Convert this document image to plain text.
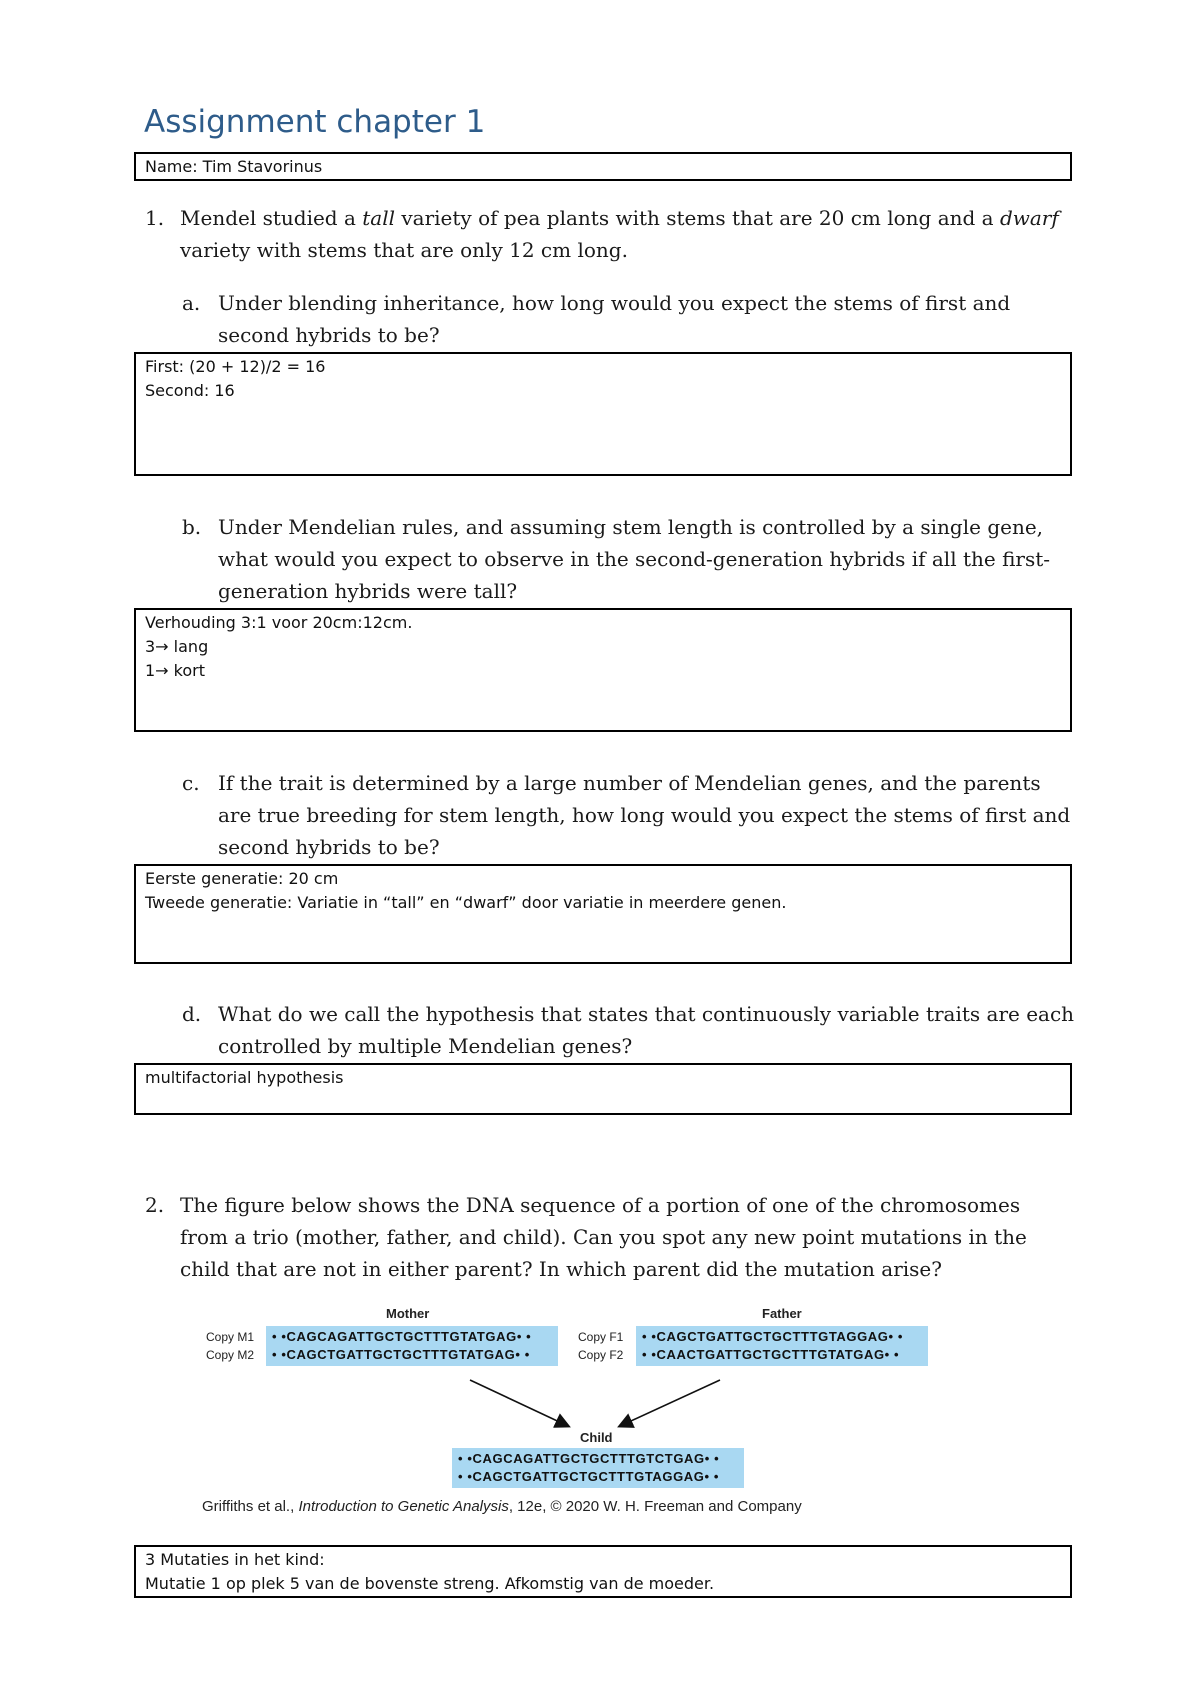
Assignment chapter 1
Name: Tim Stavorinus
1. Mendel studied a tall variety of pea plants with stems that are 20 cm long and a dwarf variety with stems that are only 12 cm long.
a. Under blending inheritance, how long would you expect the stems of first and second hybrids to be?
First: (20 + 12)/2 = 16
Second: 16
b. Under Mendelian rules, and assuming stem length is controlled by a single gene, what would you expect to observe in the second-generation hybrids if all the first-generation hybrids were tall?
Verhouding 3:1 voor 20cm:12cm.
3→ lang
1→ kort
c. If the trait is determined by a large number of Mendelian genes, and the parents are true breeding for stem length, how long would you expect the stems of first and second hybrids to be?
Eerste generatie: 20 cm
Tweede generatie: Variatie in “tall” en “dwarf” door variatie in meerdere genen.
d. What do we call the hypothesis that states that continuously variable traits are each controlled by multiple Mendelian genes?
multifactorial hypothesis
2. The figure below shows the DNA sequence of a portion of one of the chromosomes from a trio (mother, father, and child). Can you spot any new point mutations in the child that are not in either parent? In which parent did the mutation arise?
Mother	Father
Copy M1
Copy M2
• •CAGCAGATTGCTGCTTTGTATGAG• •
• •CAGCTGATTGCTGCTTTGTATGAG• •
Copy F1
Copy F2
• •CAGCTGATTGCTGCTTTGTAGGAG• •
• •CAACTGATTGCTGCTTTGTATGAG• •
Child
• •CAGCAGATTGCTGCTTTGTCTGAG• •
• •CAGCTGATTGCTGCTTTGTAGGAG• •
Griffiths et al., Introduction to Genetic Analysis, 12e, © 2020 W. H. Freeman and Company
3 Mutaties in het kind:
Mutatie 1 op plek 5 van de bovenste streng. Afkomstig van de moeder.
